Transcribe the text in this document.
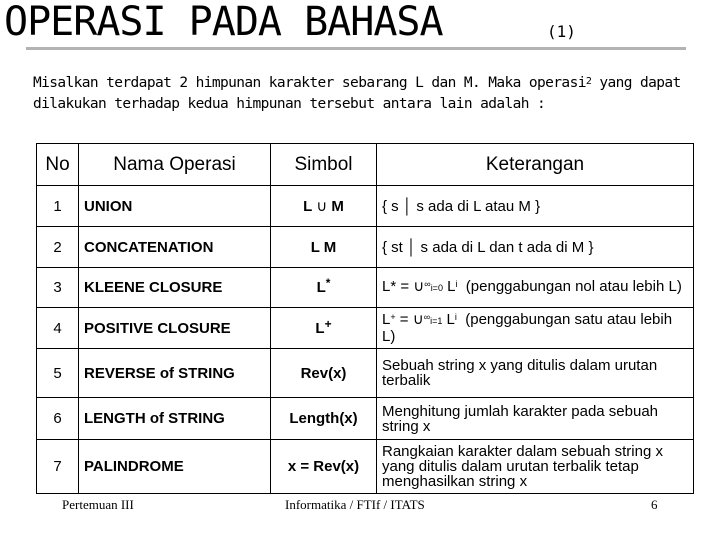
OPERASI PADA BAHASA	(1)
Misalkan terdapat 2 himpunan karakter sebarang L dan M. Maka operasi$^2$ yang dapat dilakukan terhadap kedua himpunan tersebut antara lain adalah :
No	Nama Operasi	Simbol	Keterangan
1	UNION	L ∪ M	{ s │ s ada di L atau M }
2	CONCATENATION	L M	{ st │ s ada di L dan t ada di M }
3	KLEENE CLOSURE	L*	L* = ∪∞i=0 $L^i$  (penggabungan nol atau lebih L)
4	POSITIVE CLOSURE	L+	L+ = ∪∞i=1 $L^i$  (penggabungan satu atau lebih L)
5	REVERSE of STRING	Rev(x)	Sebuah string x yang ditulis dalam urutan terbalik
6	LENGTH of STRING	Length(x)	Menghitung jumlah karakter pada sebuah string x
7	PALINDROME	x = Rev(x)	Rangkaian karakter dalam sebuah string x yang ditulis dalam urutan terbalik tetap menghasilkan string x
Pertemuan III	Informatika / FTIf / ITATS	6
